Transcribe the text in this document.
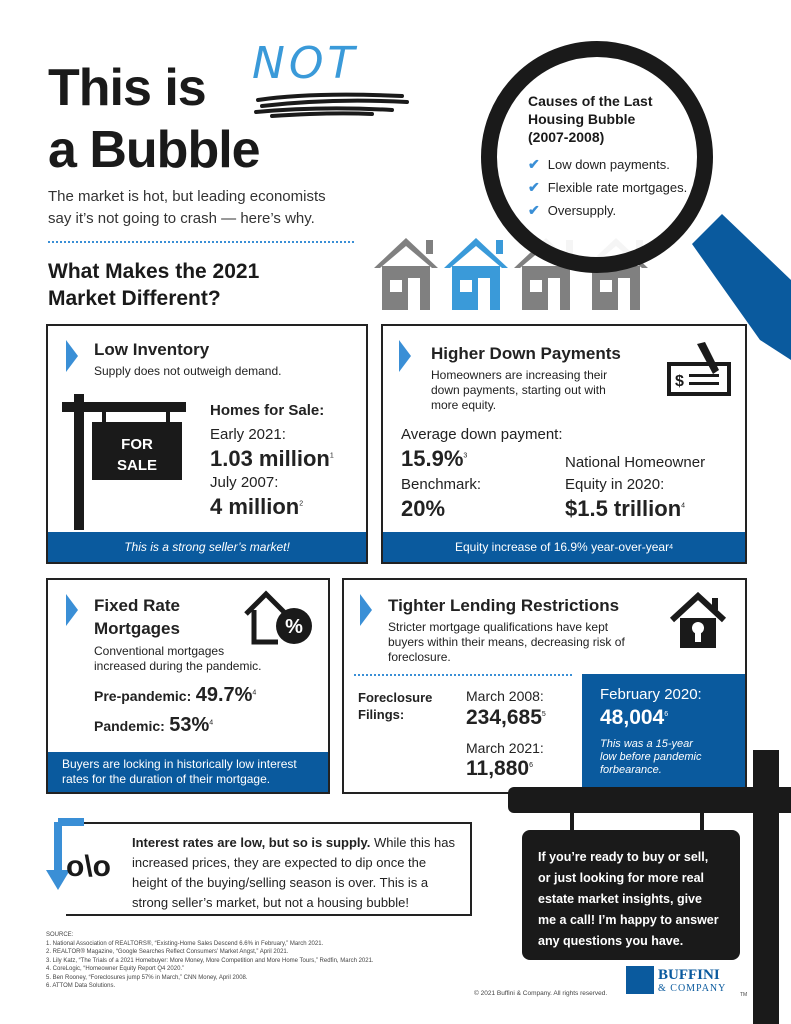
This is NOT
a Bubble
The market is hot, but leading economists
say it’s not going to crash — here’s why.
What Makes the 2021
Market Different?
Causes of the Last
Housing Bubble
(2007-2008)
✔ Low down payments.
✔ Flexible rate mortgages.
✔ Oversupply.
Low Inventory
Supply does not outweigh demand.
FOR
SALE
Homes for Sale:
Early 2021:
1.03 million$^1$
July 2007:
4 million$^2$
This is a strong seller’s market!
Higher Down Payments
Homeowners are increasing their
down payments, starting out with
more equity.
$
Average down payment:
15.9%$^3$
Benchmark:
20%
National Homeowner
Equity in 2020:
$1.5 trillion$^4$
Equity increase of 16.9% year-over-year 4
Fixed Rate
Mortgages	%
Conventional mortgages
increased during the pandemic.
Pre-pandemic: 49.7%$^4$
Pandemic: 53%$^4$
Buyers are locking in historically low interest
rates for the duration of their mortgage.
Tighter Lending Restrictions
Stricter mortgage qualifications have kept
buyers within their means, decreasing risk of
foreclosure.
Foreclosure
Filings:
March 2008:
234,685$^5$
March 2021:
11,880$^6$
February 2020:
48,004$^6$
This was a 15-year
low before pandemic
forbearance.
o\o
Interest rates are low, but so is supply. While this has
increased prices, they are expected to dip once the
height of the buying/selling season is over. This is a
strong seller’s market, but not a housing bubble!
If you’re ready to buy or sell,
or just looking for more real
estate market insights, give
me a call! I’m happy to answer
any questions you have.
SOURCE:
1. National Association of REALTORS®, “Existing-Home Sales Descend 6.6% in February,” March 2021.
2. REALTOR® Magazine, “Google Searches Reflect Consumers’ Market Angst,” April 2021.
3. Lily Katz, “The Trials of a 2021 Homebuyer: More Money, More Competition and More Home Tours,” Redfin, March 2021.
4. CoreLogic, “Homeowner Equity Report Q4 2020.”
5. Ben Rooney, “Foreclosures jump 57% in March,” CNN Money, April 2008.
6. ATTOM Data Solutions.
© 2021 Buffini & Company. All rights reserved.
BUFFINI
& COMPANY
TM
